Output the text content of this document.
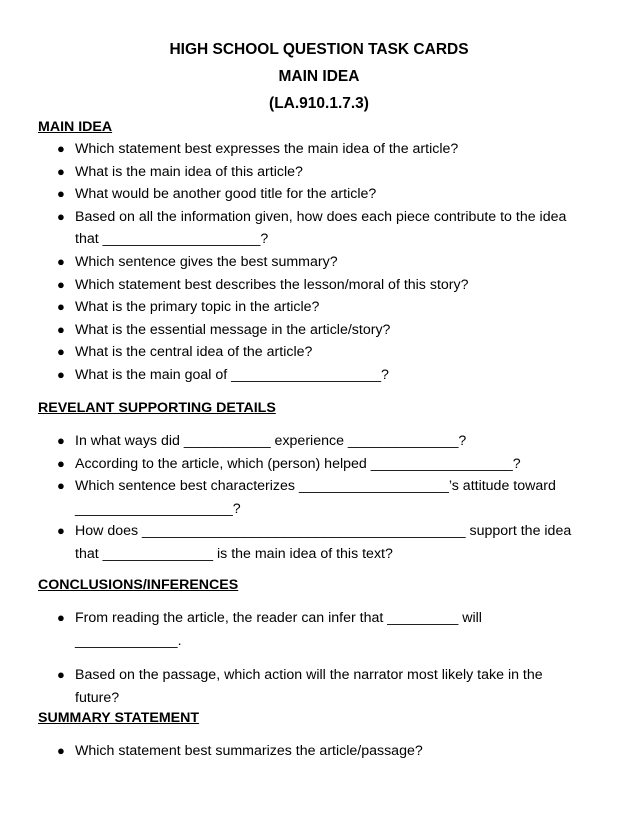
HIGH SCHOOL QUESTION TASK CARDS
MAIN IDEA
(LA.910.1.7.3)
MAIN IDEA
● Which statement best expresses the main idea of the article?
● What is the main idea of this article?
● What would be another good title for the article?
● Based on all the information given, how does each piece contribute to the idea
that ____________________?
● Which sentence gives the best summary?
● Which statement best describes the lesson/moral of this story?
● What is the primary topic in the article?
● What is the essential message in the article/story?
● What is the central idea of the article?
● What is the main goal of ___________________?
REVELANT SUPPORTING DETAILS
● In what ways did ___________ experience ______________?
● According to the article, which (person) helped __________________?
● Which sentence best characterizes ___________________’s attitude toward
____________________?
● How does _________________________________________ support the idea
that ______________ is the main idea of this text?
CONCLUSIONS/INFERENCES
● From reading the article, the reader can infer that _________ will
_____________.
● Based on the passage, which action will the narrator most likely take in the
future?
SUMMARY STATEMENT
● Which statement best summarizes the article/passage?
